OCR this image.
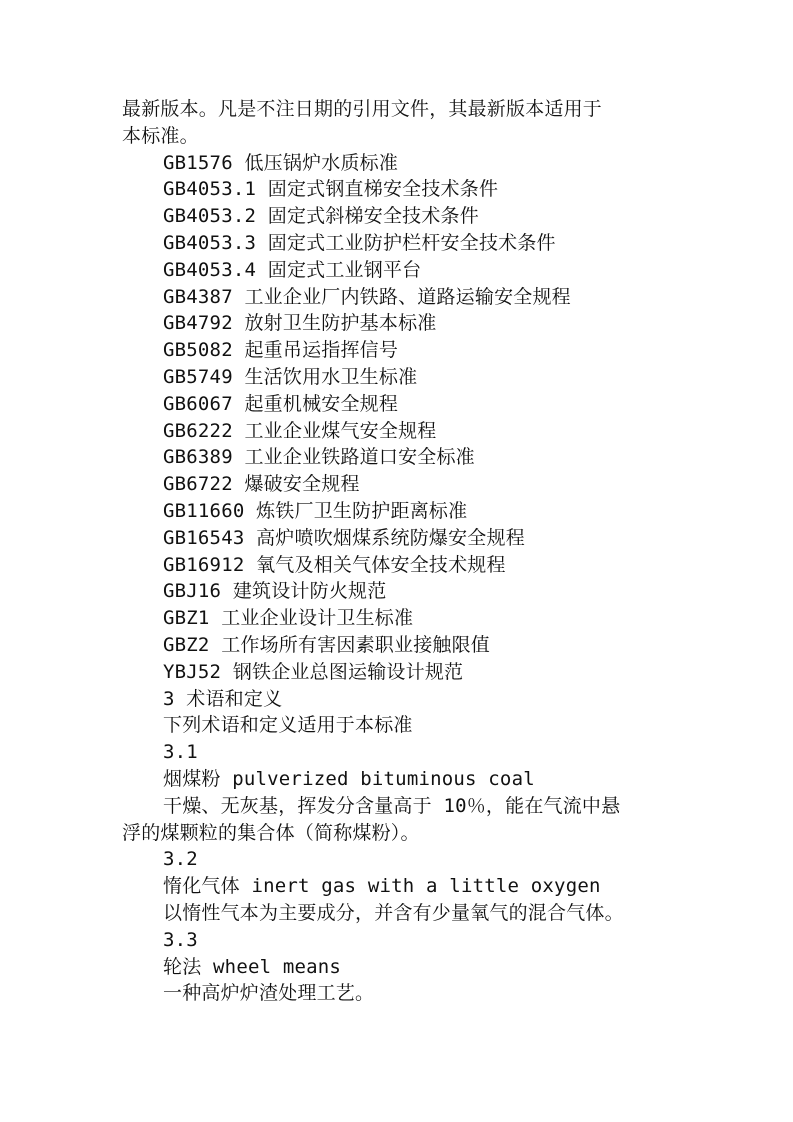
最新版本。凡是不注日期的引用文件，其最新版本适用于
本标准。
GB1576 低压锅炉水质标准
GB4053.1 固定式钢直梯安全技术条件
GB4053.2 固定式斜梯安全技术条件
GB4053.3 固定式工业防护栏杆安全技术条件
GB4053.4 固定式工业钢平台
GB4387 工业企业厂内铁路、道路运输安全规程
GB4792 放射卫生防护基本标准
GB5082 起重吊运指挥信号
GB5749 生活饮用水卫生标准
GB6067 起重机械安全规程
GB6222 工业企业煤气安全规程
GB6389 工业企业铁路道口安全标准
GB6722 爆破安全规程
GB11660 炼铁厂卫生防护距离标准
GB16543 高炉喷吹烟煤系统防爆安全规程
GB16912 氧气及相关气体安全技术规程
GBJ16 建筑设计防火规范
GBZ1 工业企业设计卫生标准
GBZ2 工作场所有害因素职业接触限值
YBJ52 钢铁企业总图运输设计规范
3 术语和定义
下列术语和定义适用于本标准
3.1
烟煤粉 pulverized bituminous coal
干燥、无灰基，挥发分含量高于 10％，能在气流中悬
浮的煤颗粒的集合体（简称煤粉）。
3.2
惰化气体 inert gas with a little oxygen
以惰性气本为主要成分，并含有少量氧气的混合气体。
3.3
轮法 wheel means
一种高炉炉渣处理工艺。
